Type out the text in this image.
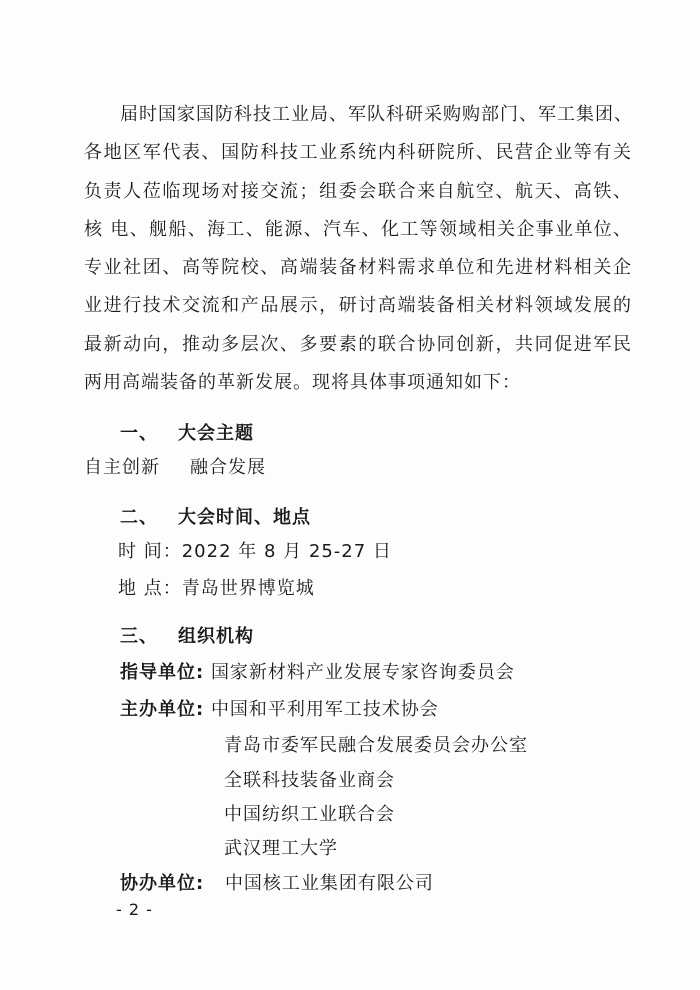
届时国家国防科技工业局、军队科研采购购部门、军工集团、
各地区军代表、国防科技工业系统内科研院所、民营企业等有关
负责人莅临现场对接交流；组委会联合来自航空、航天、高铁、
核 电、舰船、海工、能源、汽车、化工等领域相关企事业单位、
专业社团、高等院校、高端装备材料需求单位和先进材料相关企
业进行技术交流和产品展示，研讨高端装备相关材料领域发展的
最新动向，推动多层次、多要素的联合协同创新，共同促进军民
两用高端装备的革新发展。现将具体事项通知如下：
一、 大会主题
自主创新 融合发展
二、 大会时间、地点
时 间：2022 年 8 月 25-27 日
地 点：青岛世界博览城
三、 组织机构
指导单位: 国家新材料产业发展专家咨询委员会
主办单位: 中国和平利用军工技术协会
青岛市委军民融合发展委员会办公室
全联科技装备业商会
中国纺织工业联合会
武汉理工大学
协办单位: 中国核工业集团有限公司
- 2 -
